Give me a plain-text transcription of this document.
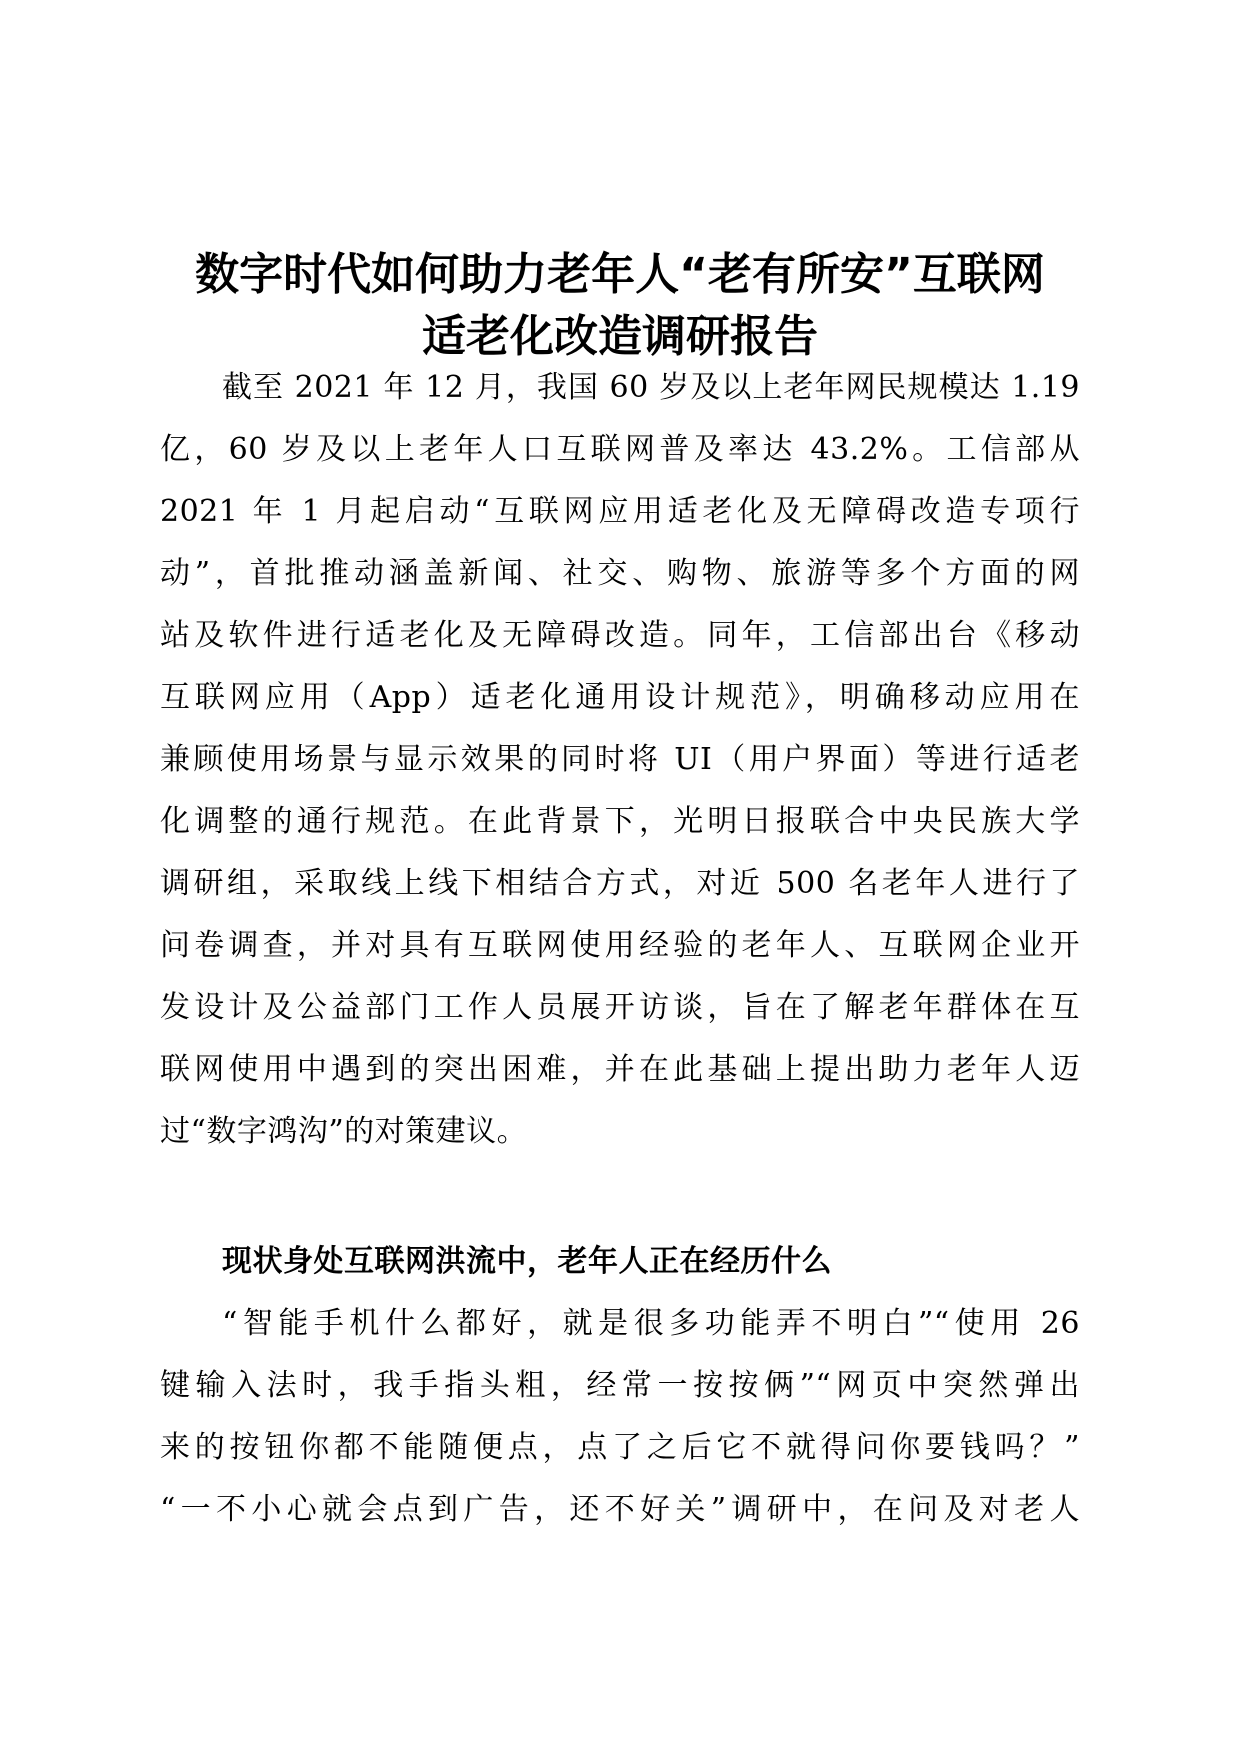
数字时代如何助力老年人“老有所安”互联网
适老化改造调研报告

截至 2021 年 12 月，我国 60 岁及以上老年网民规模达 1.19

亿，60 岁及以上老年人口互联网普及率达 43.2%。工信部从

2021 年 1 月起启动“互联网应用适老化及无障碍改造专项行

动”，首批推动涵盖新闻、社交、购物、旅游等多个方面的网

站及软件进行适老化及无障碍改造。同年，工信部出台《移动

互联网应用（App）适老化通用设计规范》，明确移动应用在

兼顾使用场景与显示效果的同时将 UI（用户界面）等进行适老

化调整的通行规范。在此背景下，光明日报联合中央民族大学

调研组，采取线上线下相结合方式，对近 500 名老年人进行了

问卷调查，并对具有互联网使用经验的老年人、互联网企业开

发设计及公益部门工作人员展开访谈，旨在了解老年群体在互

联网使用中遇到的突出困难，并在此基础上提出助力老年人迈

过“数字鸿沟”的对策建议。

现状身处互联网洪流中，老年人正在经历什么

“智能手机什么都好，就是很多功能弄不明白”“使用 26

键输入法时，我手指头粗，经常一按按俩”“网页中突然弹出

来的按钮你都不能随便点，点了之后它不就得问你要钱吗？”

“一不小心就会点到广告，还不好关”调研中，在问及对老人
